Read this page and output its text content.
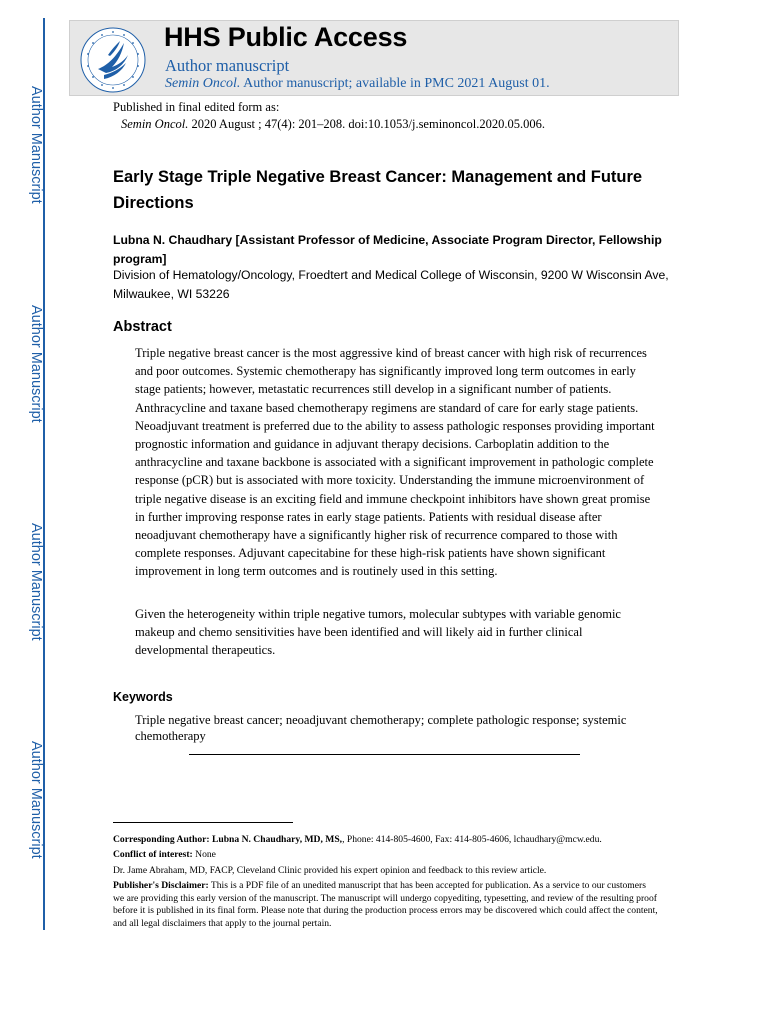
Author Manuscript
Author Manuscript
Author Manuscript
Author Manuscript
HHS Public Access
Author manuscript
Semin Oncol. Author manuscript; available in PMC 2021 August 01.
Published in final edited form as:
Semin Oncol. 2020 August ; 47(4): 201–208. doi:10.1053/j.seminoncol.2020.05.006.
Early Stage Triple Negative Breast Cancer: Management and Future Directions
Lubna N. Chaudhary [Assistant Professor of Medicine, Associate Program Director, Fellowship program]
Division of Hematology/Oncology, Froedtert and Medical College of Wisconsin, 9200 W Wisconsin Ave, Milwaukee, WI 53226
Abstract
Triple negative breast cancer is the most aggressive kind of breast cancer with high risk of recurrences and poor outcomes. Systemic chemotherapy has significantly improved long term outcomes in early stage patients; however, metastatic recurrences still develop in a significant number of patients. Anthracycline and taxane based chemotherapy regimens are standard of care for early stage patients. Neoadjuvant treatment is preferred due to the ability to assess pathologic responses providing important prognostic information and guidance in adjuvant therapy decisions. Carboplatin addition to the anthracycline and taxane backbone is associated with a significant improvement in pathologic complete response (pCR) but is associated with more toxicity. Understanding the immune microenvironment of triple negative disease is an exciting field and immune checkpoint inhibitors have shown great promise in further improving response rates in early stage patients. Patients with residual disease after neoadjuvant chemotherapy have a significantly higher risk of recurrence compared to those with complete responses. Adjuvant capecitabine for these high-risk patients have shown significant improvement in long term outcomes and is routinely used in this setting.
Given the heterogeneity within triple negative tumors, molecular subtypes with variable genomic makeup and chemo sensitivities have been identified and will likely aid in further clinical developmental therapeutics.
Keywords
Triple negative breast cancer; neoadjuvant chemotherapy; complete pathologic response; systemic chemotherapy
Corresponding Author: Lubna N. Chaudhary, MD, MS,, Phone: 414-805-4600, Fax: 414-805-4606, lchaudhary@mcw.edu.
Conflict of interest: None
Dr. Jame Abraham, MD, FACP, Cleveland Clinic provided his expert opinion and feedback to this review article.
Publisher's Disclaimer: This is a PDF file of an unedited manuscript that has been accepted for publication. As a service to our customers we are providing this early version of the manuscript. The manuscript will undergo copyediting, typesetting, and review of the resulting proof before it is published in its final form. Please note that during the production process errors may be discovered which could affect the content, and all legal disclaimers that apply to the journal pertain.
